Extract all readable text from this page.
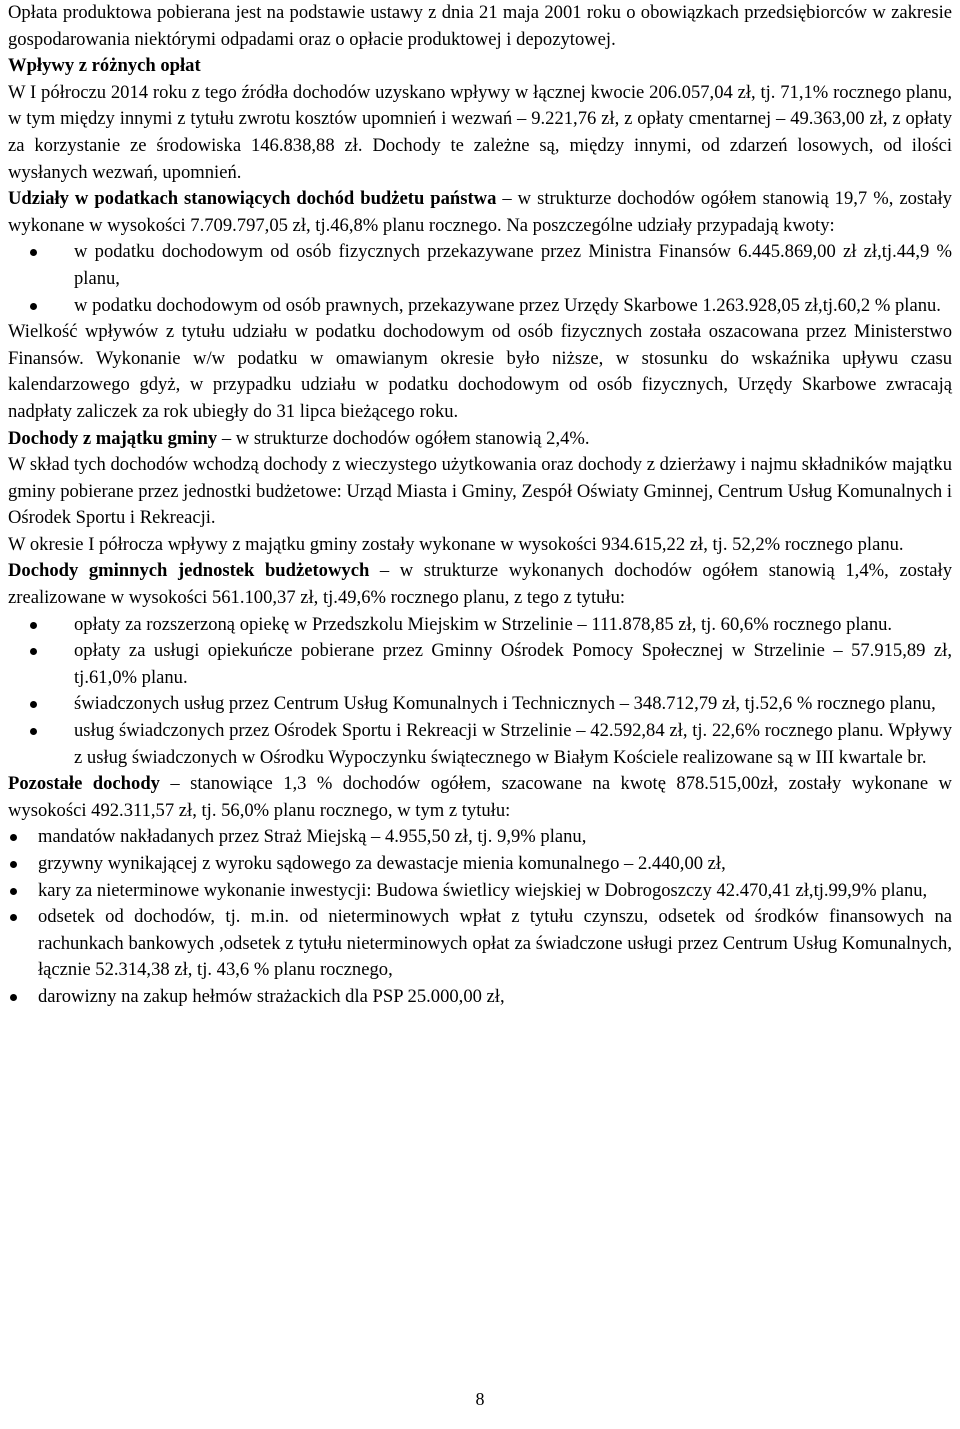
Opłata produktowa pobierana jest na podstawie ustawy z dnia 21 maja 2001 roku o obowiązkach przedsiębiorców w zakresie gospodarowania niektórymi odpadami oraz o opłacie produktowej i depozytowej.

Wpływy z różnych opłat

W I półroczu 2014 roku z tego źródła dochodów uzyskano wpływy w łącznej kwocie 206.057,04 zł, tj. 71,1% rocznego planu, w tym między innymi z tytułu zwrotu kosztów upomnień i wezwań – 9.221,76 zł, z opłaty cmentarnej – 49.363,00 zł, z opłaty za korzystanie ze środowiska 146.838,88 zł. Dochody te zależne są, między innymi, od zdarzeń losowych, od ilości wysłanych wezwań, upomnień.

Udziały w podatkach stanowiących dochód budżetu państwa – w strukturze dochodów ogółem stanowią 19,7 %, zostały wykonane w wysokości 7.709.797,05 zł, tj.46,8% planu rocznego. Na poszczególne udziały przypadają kwoty:

w podatku dochodowym od osób fizycznych przekazywane przez Ministra Finansów 6.445.869,00 zł zł,tj.44,9 % planu,
w podatku dochodowym od osób prawnych, przekazywane przez Urzędy Skarbowe 1.263.928,05 zł,tj.60,2 % planu.

Wielkość wpływów z tytułu udziału w podatku dochodowym od osób fizycznych została oszacowana przez Ministerstwo Finansów. Wykonanie w/w podatku w omawianym okresie było niższe, w stosunku do wskaźnika upływu czasu kalendarzowego gdyż, w przypadku udziału w podatku dochodowym od osób fizycznych, Urzędy Skarbowe zwracają nadpłaty zaliczek za rok ubiegły do 31 lipca bieżącego roku.

Dochody z majątku gminy – w strukturze dochodów ogółem stanowią 2,4%.

W skład tych dochodów wchodzą dochody z wieczystego użytkowania oraz dochody z dzierżawy i najmu składników majątku gminy pobierane przez jednostki budżetowe: Urząd Miasta i Gminy, Zespół Oświaty Gminnej, Centrum Usług Komunalnych i Ośrodek Sportu i Rekreacji.

W okresie I półrocza wpływy z majątku gminy zostały wykonane w wysokości 934.615,22 zł, tj. 52,2% rocznego planu.

Dochody gminnych jednostek budżetowych – w strukturze wykonanych dochodów ogółem stanowią 1,4%, zostały zrealizowane w wysokości 561.100,37 zł, tj.49,6% rocznego planu, z tego z tytułu:

opłaty za rozszerzoną opiekę w Przedszkolu Miejskim w Strzelinie – 111.878,85 zł, tj. 60,6% rocznego planu.
opłaty za usługi opiekuńcze pobierane przez Gminny Ośrodek Pomocy Społecznej w Strzelinie – 57.915,89 zł, tj.61,0% planu.
świadczonych usług przez Centrum Usług Komunalnych i Technicznych – 348.712,79 zł, tj.52,6 % rocznego planu,
usług świadczonych przez Ośrodek Sportu i Rekreacji w Strzelinie – 42.592,84 zł, tj. 22,6% rocznego planu. Wpływy z usług świadczonych w Ośrodku Wypoczynku świątecznego w Białym Kościele realizowane są w III kwartale br.

Pozostałe dochody – stanowiące 1,3 % dochodów ogółem, szacowane na kwotę 878.515,00zł, zostały wykonane w wysokości 492.311,57 zł, tj. 56,0% planu rocznego, w tym z tytułu:

mandatów nakładanych przez Straż Miejską – 4.955,50 zł, tj. 9,9% planu,
grzywny wynikającej z wyroku sądowego za dewastacje mienia komunalnego – 2.440,00 zł,
kary za nieterminowe wykonanie inwestycji: Budowa świetlicy wiejskiej w Dobrogoszczy 42.470,41 zł,tj.99,9% planu,
odsetek od dochodów, tj. m.in. od nieterminowych wpłat z tytułu czynszu, odsetek od środków finansowych na rachunkach bankowych ,odsetek z tytułu nieterminowych opłat za świadczone usługi przez Centrum Usług Komunalnych, łącznie 52.314,38 zł, tj. 43,6 % planu rocznego,
darowizny na zakup hełmów strażackich dla PSP 25.000,00 zł,
8
